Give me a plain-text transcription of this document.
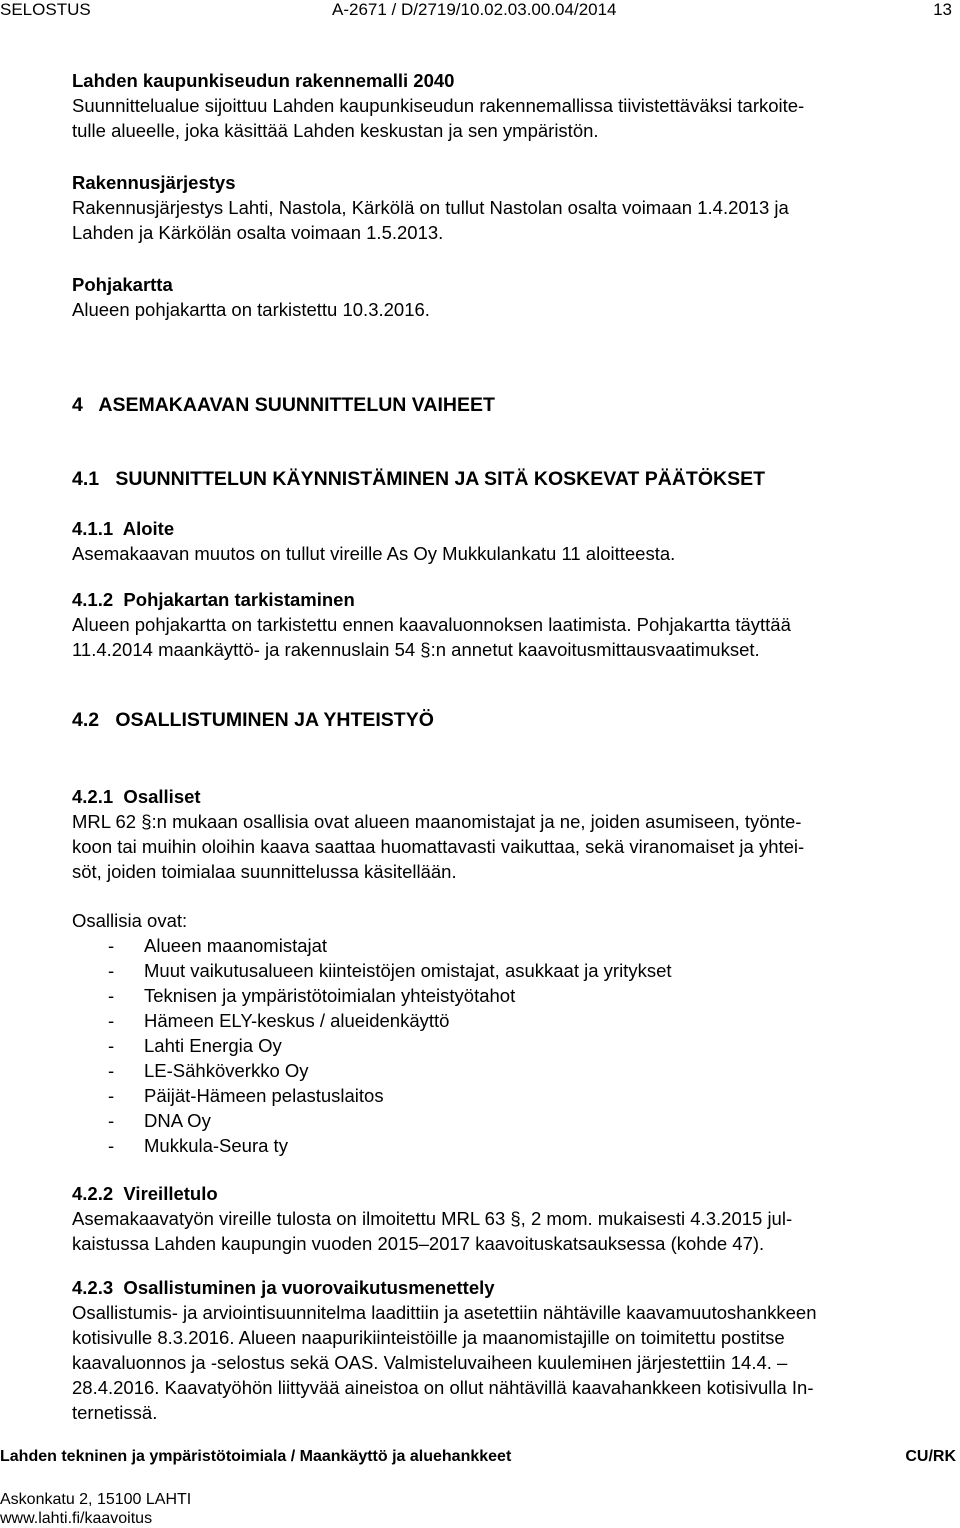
SELOSTUS	A-2671 / D/2719/10.02.03.00.04/2014	13
Lahden kaupunkiseudun rakennemalli 2040
Suunnittelualue sijoittuu Lahden kaupunkiseudun rakennemallissa tiivistettäväksi tarkoite-
tulle alueelle, joka käsittää Lahden keskustan ja sen ympäristön.
Rakennusjärjestys
Rakennusjärjestys Lahti, Nastola, Kärkölä on tullut Nastolan osalta voimaan 1.4.2013 ja
Lahden ja Kärkölän osalta voimaan 1.5.2013.
Pohjakartta
Alueen pohjakartta on tarkistettu 10.3.2016.
4   ASEMAKAAVAN SUUNNITTELUN VAIHEET
4.1   SUUNNITTELUN KÄYNNISTÄMINEN JA SITÄ KOSKEVAT PÄÄTÖKSET
4.1.1  Aloite
Asemakaavan muutos on tullut vireille As Oy Mukkulankatu 11 aloitteesta.
4.1.2  Pohjakartan tarkistaminen
Alueen pohjakartta on tarkistettu ennen kaavaluonnoksen laatimista. Pohjakartta täyttää
11.4.2014 maankäyttö- ja rakennuslain 54 §:n annetut kaavoitusmittausvaatimukset.
4.2   OSALLISTUMINEN JA YHTEISTYÖ
4.2.1  Osalliset
MRL 62 §:n mukaan osallisia ovat alueen maanomistajat ja ne, joiden asumiseen, työnte-
koon tai muihin oloihin kaava saattaa huomattavasti vaikuttaa, sekä viranomaiset ja yhtei-
söt, joiden toimialaa suunnittelussa käsitellään.
Osallisia ovat:
- Alueen maanomistajat
- Muut vaikutusalueen kiinteistöjen omistajat, asukkaat ja yritykset
- Teknisen ja ympäristötoimialan yhteistyötahot
- Hämeen ELY-keskus / alueidenkäyttö
- Lahti Energia Oy
- LE-Sähköverkko Oy
- Päijät-Hämeen pelastuslaitos
- DNA Oy
- Mukkula-Seura ty
4.2.2  Vireilletulo
Asemakaavatyön vireille tulosta on ilmoitettu MRL 63 §, 2 mom. mukaisesti 4.3.2015 jul-
kaistussa Lahden kaupungin vuoden 2015–2017 kaavoituskatsauksessa (kohde 47).
4.2.3  Osallistuminen ja vuorovaikutusmenettely
Osallistumis- ja arviointisuunnitelma laadittiin ja asetettiin nähtäville kaavamuutoshankkeen
kotisivulle 8.3.2016. Alueen naapurikiinteistöille ja maanomistajille on toimitettu postitse
kaavaluonnos ja -selostus sekä OAS. Valmisteluvaiheen kuulemінen järjestettiin 14.4. –
28.4.2016. Kaavatyöhön liittyvää aineistoa on ollut nähtävillä kaavahankkeen kotisivulla In-
ternetissä.
Lahden tekninen ja ympäristötoimiala / Maankäyttö ja aluehankkeet	CU/RK
Askonkatu 2, 15100 LAHTI
www.lahti.fi/kaavoitus
